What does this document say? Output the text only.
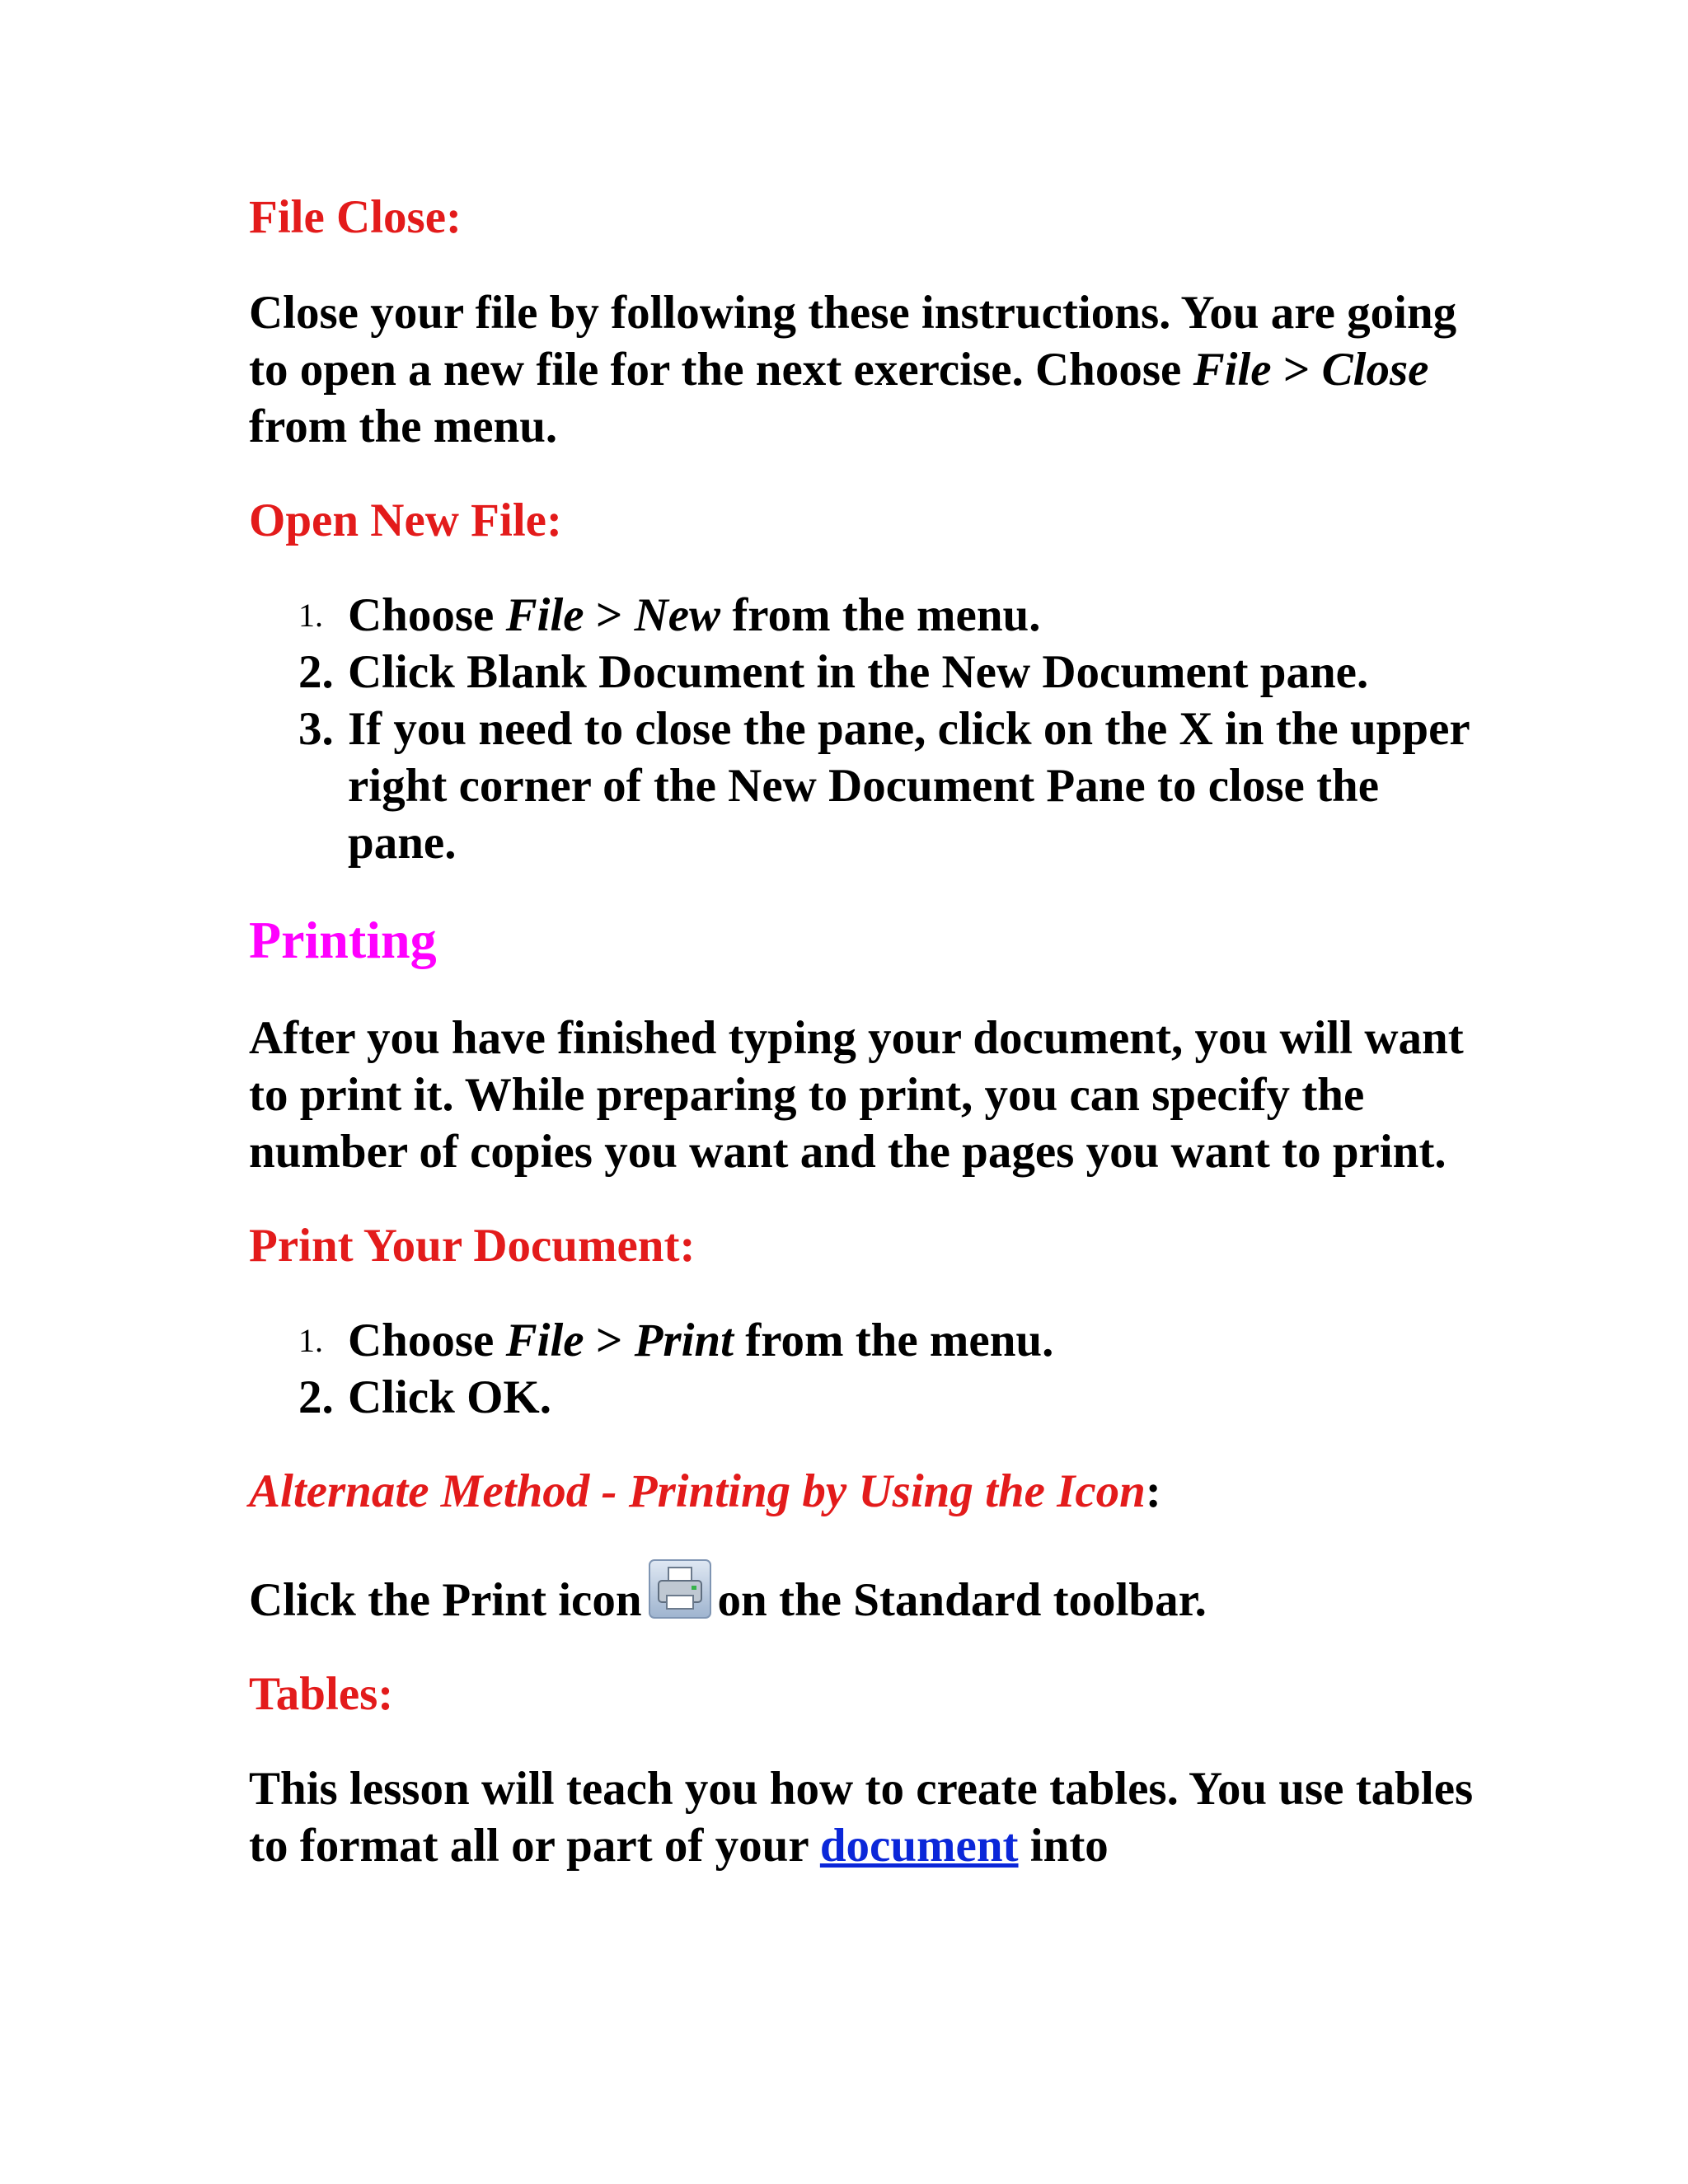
File Close:

Close your file by following these instructions. You are going to open a new file for the next exercise. Choose File > Close from the menu.

Open New File:

1. Choose File > New from the menu.
2. Click Blank Document in the New Document pane.
3. If you need to close the pane, click on the X in the upper right corner of the New Document Pane to close the pane.

Printing

After you have finished typing your document, you will want to print it. While preparing to print, you can specify the number of copies you want and the pages you want to print.

Print Your Document:

1. Choose File > Print from the menu.
2. Click OK.

Alternate Method - Printing by Using the Icon:

Click the Print icon on the Standard toolbar.

Tables:

This lesson will teach you how to create tables. You use tables to format all or part of your document into
